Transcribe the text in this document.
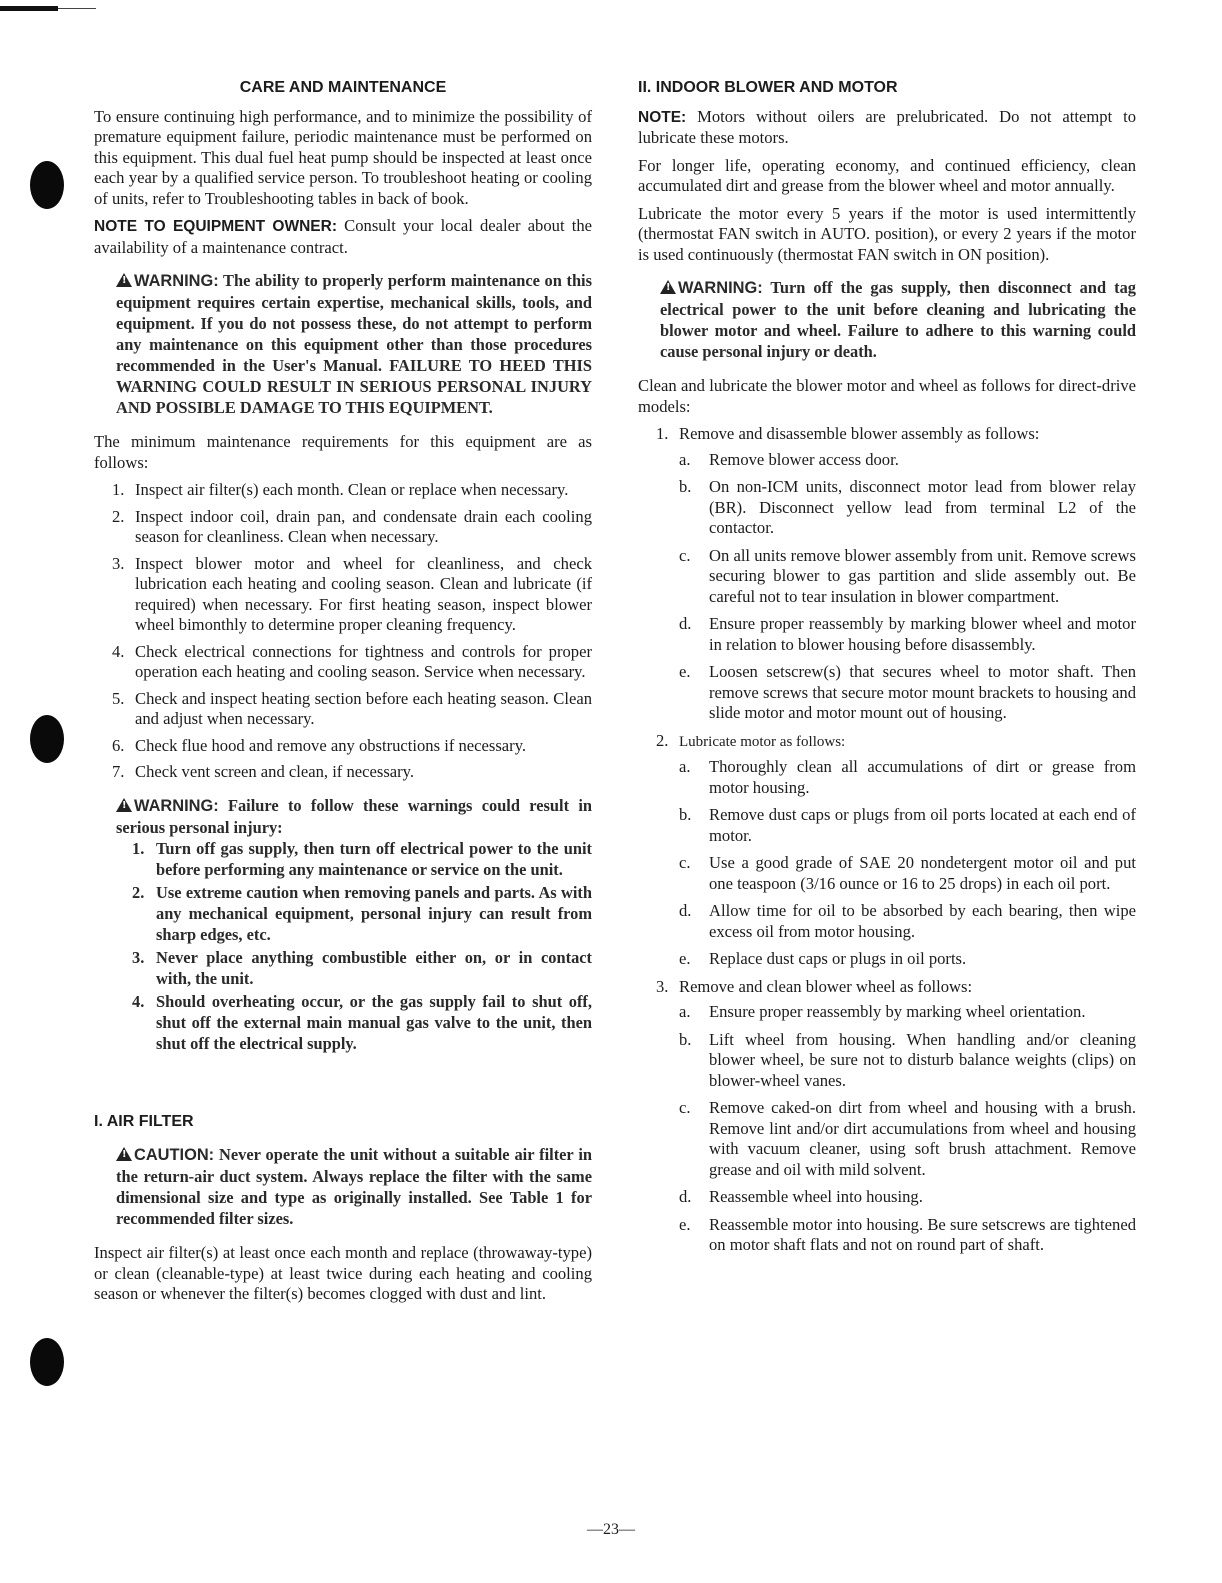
CARE AND MAINTENANCE

To ensure continuing high performance, and to minimize the possibility of premature equipment failure, periodic maintenance must be performed on this equipment. This dual fuel heat pump should be inspected at least once each year by a qualified service person. To troubleshoot heating or cooling of units, refer to Troubleshooting tables in back of book.

NOTE TO EQUIPMENT OWNER: Consult your local dealer about the availability of a maintenance contract.

!WARNING: The ability to properly perform maintenance on this equipment requires certain expertise, mechanical skills, tools, and equipment. If you do not possess these, do not attempt to perform any maintenance on this equipment other than those procedures recommended in the User's Manual. FAILURE TO HEED THIS WARNING COULD RESULT IN SERIOUS PERSONAL INJURY AND POSSIBLE DAMAGE TO THIS EQUIPMENT.

The minimum maintenance requirements for this equipment are as follows:

1. Inspect air filter(s) each month. Clean or replace when necessary.
2. Inspect indoor coil, drain pan, and condensate drain each cooling season for cleanliness. Clean when necessary.
3. Inspect blower motor and wheel for cleanliness, and check lubrication each heating and cooling season. Clean and lubricate (if required) when necessary. For first heating season, inspect blower wheel bimonthly to determine proper cleaning frequency.
4. Check electrical connections for tightness and controls for proper operation each heating and cooling season. Service when necessary.
5. Check and inspect heating section before each heating season. Clean and adjust when necessary.
6. Check flue hood and remove any obstructions if necessary.
7. Check vent screen and clean, if necessary.
!WARNING: Failure to follow these warnings could result in serious personal injury:
1. Turn off gas supply, then turn off electrical power to the unit before performing any maintenance or service on the unit.
2. Use extreme caution when removing panels and parts. As with any mechanical equipment, personal injury can result from sharp edges, etc.
3. Never place anything combustible either on, or in contact with, the unit.
4. Should overheating occur, or the gas supply fail to shut off, shut off the external main manual gas valve to the unit, then shut off the electrical supply.
I. AIR FILTER
!CAUTION: Never operate the unit without a suitable air filter in the return-air duct system. Always replace the filter with the same dimensional size and type as originally installed. See Table 1 for recommended filter sizes.

Inspect air filter(s) at least once each month and replace (throwaway-type) or clean (cleanable-type) at least twice during each heating and cooling season or whenever the filter(s) becomes clogged with dust and lint.

II. INDOOR BLOWER AND MOTOR

NOTE: Motors without oilers are prelubricated. Do not attempt to lubricate these motors.

For longer life, operating economy, and continued efficiency, clean accumulated dirt and grease from the blower wheel and motor annually.

Lubricate the motor every 5 years if the motor is used intermittently (thermostat FAN switch in AUTO. position), or every 2 years if the motor is used continuously (thermostat FAN switch in ON position).

!WARNING: Turn off the gas supply, then disconnect and tag electrical power to the unit before cleaning and lubricating the blower motor and wheel. Failure to adhere to this warning could cause personal injury or death.

Clean and lubricate the blower motor and wheel as follows for direct-drive models:

1. Remove and disassemble blower assembly as follows:
a. Remove blower access door.
b. On non-ICM units, disconnect motor lead from blower relay (BR). Disconnect yellow lead from terminal L2 of the contactor.
c. On all units remove blower assembly from unit. Remove screws securing blower to gas partition and slide assembly out. Be careful not to tear insulation in blower compartment.
d. Ensure proper reassembly by marking blower wheel and motor in relation to blower housing before disassembly.
e. Loosen setscrew(s) that secures wheel to motor shaft. Then remove screws that secure motor mount brackets to housing and slide motor and motor mount out of housing.
2. Lubricate motor as follows:
a. Thoroughly clean all accumulations of dirt or grease from motor housing.
b. Remove dust caps or plugs from oil ports located at each end of motor.
c. Use a good grade of SAE 20 nondetergent motor oil and put one teaspoon (3/16 ounce or 16 to 25 drops) in each oil port.
d. Allow time for oil to be absorbed by each bearing, then wipe excess oil from motor housing.
e. Replace dust caps or plugs in oil ports.
3. Remove and clean blower wheel as follows:
a. Ensure proper reassembly by marking wheel orientation.
b. Lift wheel from housing. When handling and/or cleaning blower wheel, be sure not to disturb balance weights (clips) on blower-wheel vanes.
c. Remove caked-on dirt from wheel and housing with a brush. Remove lint and/or dirt accumulations from wheel and housing with vacuum cleaner, using soft brush attachment. Remove grease and oil with mild solvent.
d. Reassemble wheel into housing.
e. Reassemble motor into housing. Be sure setscrews are tightened on motor shaft flats and not on round part of shaft.
—23—
